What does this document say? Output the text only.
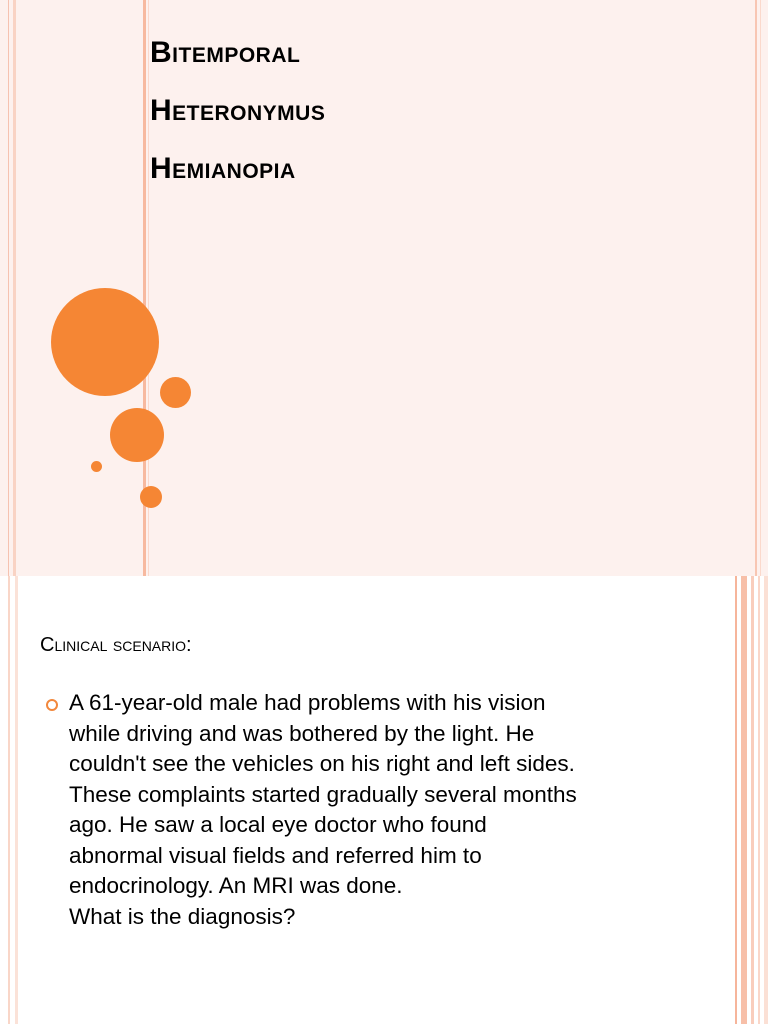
Bitemporal
Heteronymus
Hemianopia
Clinical scenario:

A 61-year-old male had problems with his vision
while driving and was bothered by the light. He
couldn't see the vehicles on his right and left sides.
These complaints started gradually several months
ago. He saw a local eye doctor who found
abnormal visual fields and referred him to
endocrinology. An MRI was done.
What is the diagnosis?
